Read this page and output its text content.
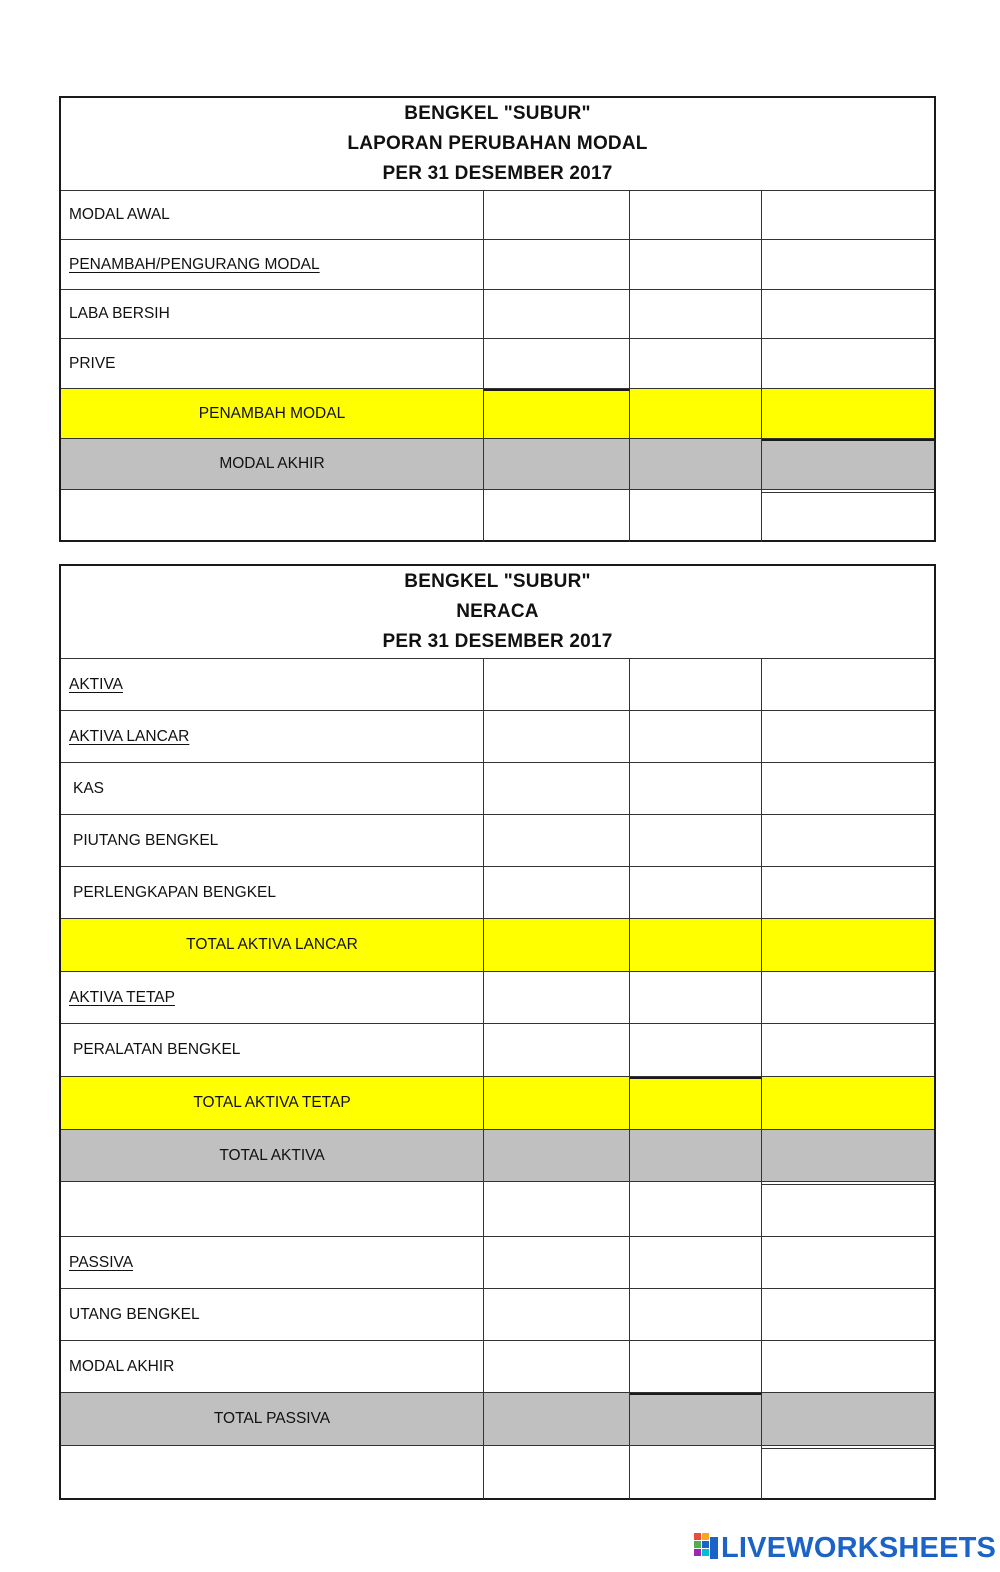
BENGKEL "SUBUR"
LAPORAN PERUBAHAN MODAL
PER 31 DESEMBER 2017
MODAL AWAL
PENAMBAH/PENGURANG MODAL
LABA BERSIH
PRIVE
PENAMBAH MODAL
MODAL AKHIR
BENGKEL "SUBUR"
NERACA
PER 31 DESEMBER 2017
AKTIVA
AKTIVA LANCAR
KAS
PIUTANG BENGKEL
PERLENGKAPAN BENGKEL
TOTAL AKTIVA LANCAR
AKTIVA TETAP
PERALATAN BENGKEL
TOTAL AKTIVA TETAP
TOTAL AKTIVA
PASSIVA
UTANG BENGKEL
MODAL AKHIR
TOTAL PASSIVA
LIVEWORKSHEETS
